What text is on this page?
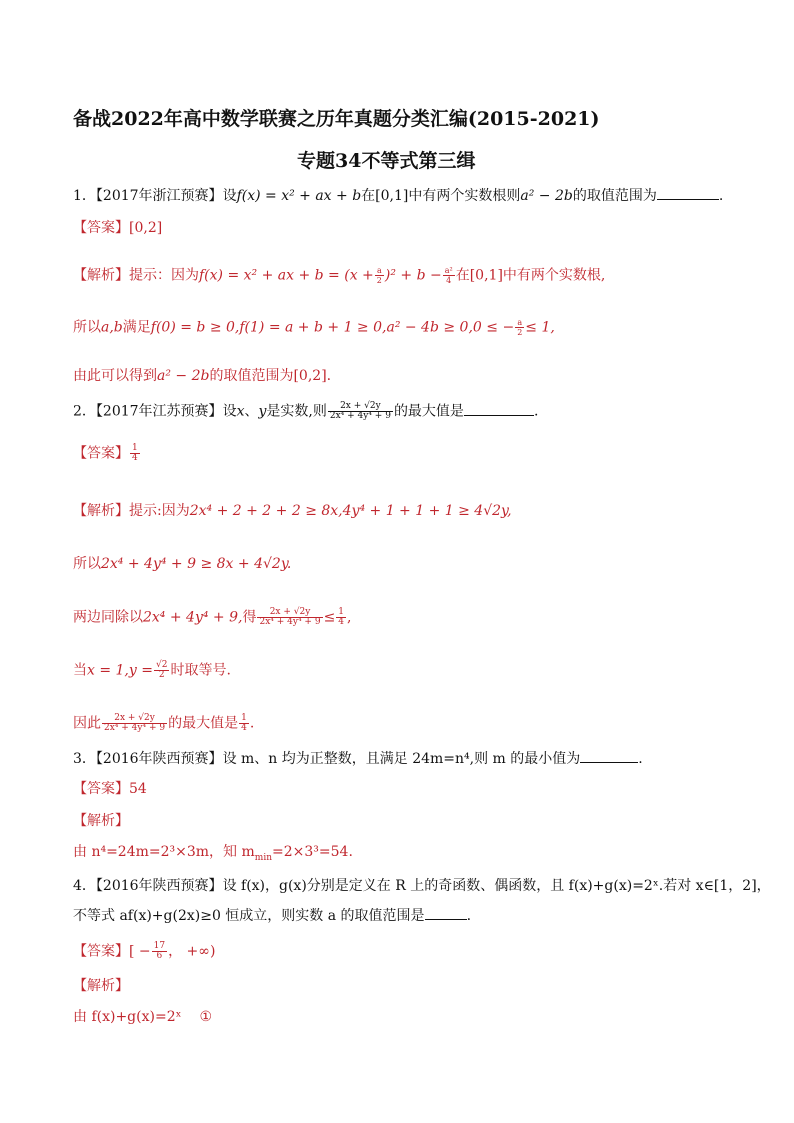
备战2022年高中数学联赛之历年真题分类汇编(2015-2021)
专题34不等式第三缉
1．【2017年浙江预赛】设f(x) = x² + ax + b在[0,1]中有两个实数根则a² − 2b的取值范围为	.
【答案】[0,2]
【解析】提示：因为f(x) = x² + ax + $b = (x + \frac{a}{2} )^2 + b - \frac{\text{a²}}{4}$ 在[0,1]中有两个实数根,
所以a,b满足f(0) = b ≥ 0,f(1) = a + b + 1 ≥ 0,a² − 4b ≥ 0,0 ≤ − $\frac{a}{2} \le 1$,
由此可以得到a² − 2b的取值范围为[0,2].
2．【2017年江苏预赛】设x、y是实数,则 $\frac{2x + √2y}{\text{2x⁴ + 4y⁴ + 9}}$ 的最大值是	.
【答案】 $\frac{1}{4}$
【解析】提示:因为2x⁴ + 2 + 2 + 2 ≥ 8x,4y⁴ + 1 + 1 + 1 ≥ 4√2y,
所以2x⁴ + 4y⁴ + 9 ≥ 8x + 4√2y.
两边同除以2x⁴ + 4y⁴ + 9,得 $\frac{2x + √2y}{\text{2x⁴ + 4y⁴ + 9}} \le \frac{1}{4}$ ,
当$x = 1,y = \frac{√2}{2}$ 时取等号.
因此 $\frac{2x + √2y}{\text{2x⁴ + 4y⁴ + 9}}$ 的最大值是 $\frac{1}{4}$ .
3．【2016年陕西预赛】设 m、n 均为正整数，且满足 24m=n⁴,则 m 的最小值为	.
【答案】54
【解析】
由 n⁴=24m=2³×3m，知 $m_{min}=2\times 3^3=54$.
4．【2016年陕西预赛】设 f(x)，g(x)分别是定义在 R 上的奇函数、偶函数，且 f(x)+g(x)=2ˣ.若对 x∈[1，2]，
不等式 af(x)+g(2x)≥0 恒成立，则实数 a 的取值范围是	.
【答案】[ − $\frac{17}{6}$ ， +∞)
【解析】
由 f(x)+g(x)=2ˣ ①
